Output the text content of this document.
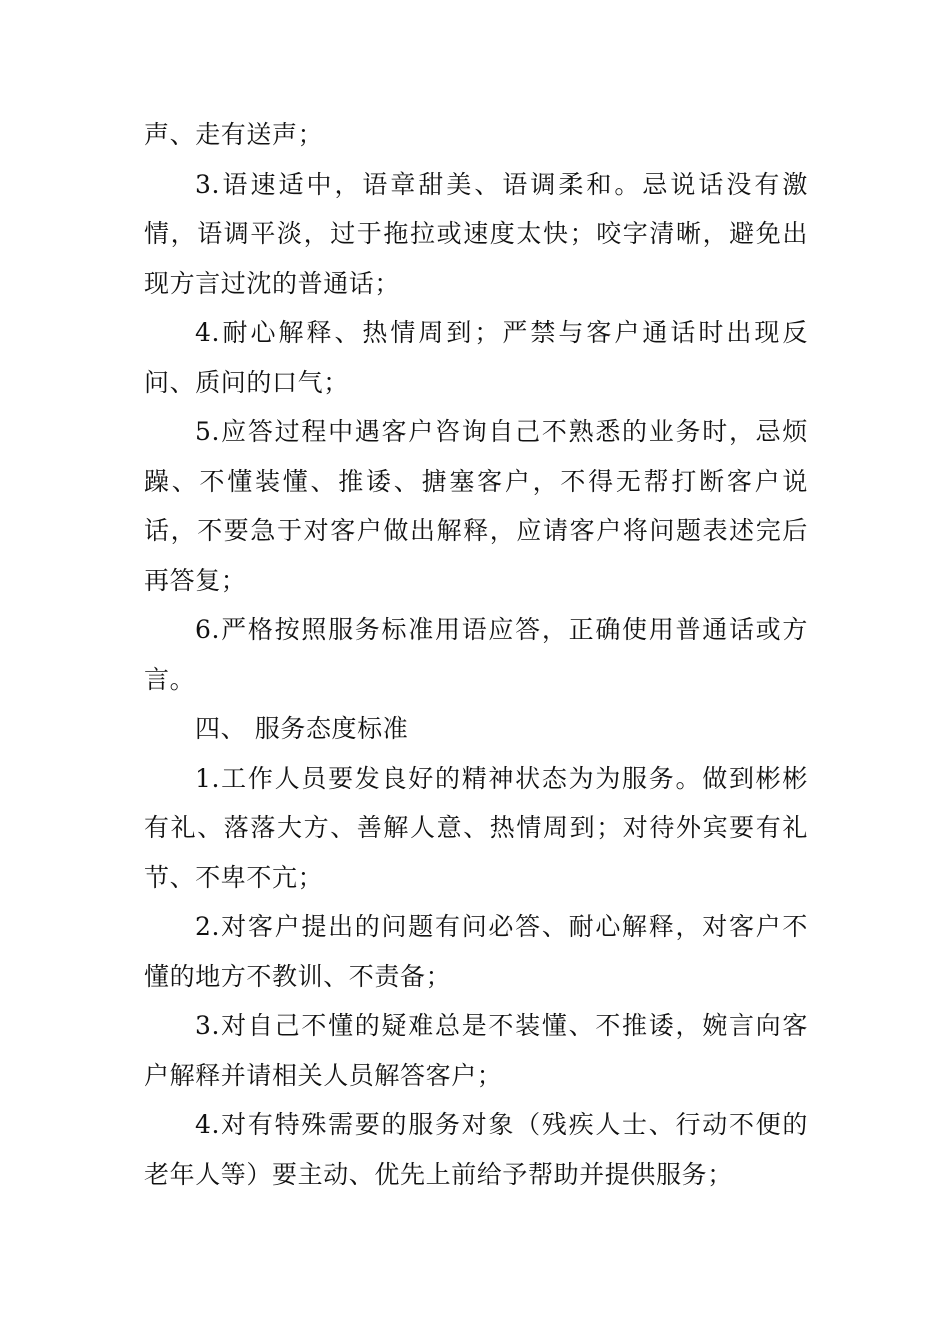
声、走有送声；

3.语速适中，语章甜美、语调柔和。忌说话没有激情，语调平淡，过于拖拉或速度太快；咬字清晰，避免出现方言过沈的普通话；

4.耐心解释、热情周到；严禁与客户通话时出现反问、质问的口气；

5.应答过程中遇客户咨询自己不熟悉的业务时，忌烦躁、不懂装懂、推诿、搪塞客户，不得无帮打断客户说话，不要急于对客户做出解释，应请客户将问题表述完后再答复；

6.严格按照服务标准用语应答，正确使用普通话或方言。

四、 服务态度标准

1.工作人员要发良好的精神状态为为服务。做到彬彬有礼、落落大方、善解人意、热情周到；对待外宾要有礼节、不卑不亢；

2.对客户提出的问题有问必答、耐心解释，对客户不懂的地方不教训、不责备；

3.对自己不懂的疑难总是不装懂、不推诿，婉言向客户解释并请相关人员解答客户；

4.对有特殊需要的服务对象（残疾人士、行动不便的老年人等）要主动、优先上前给予帮助并提供服务；
